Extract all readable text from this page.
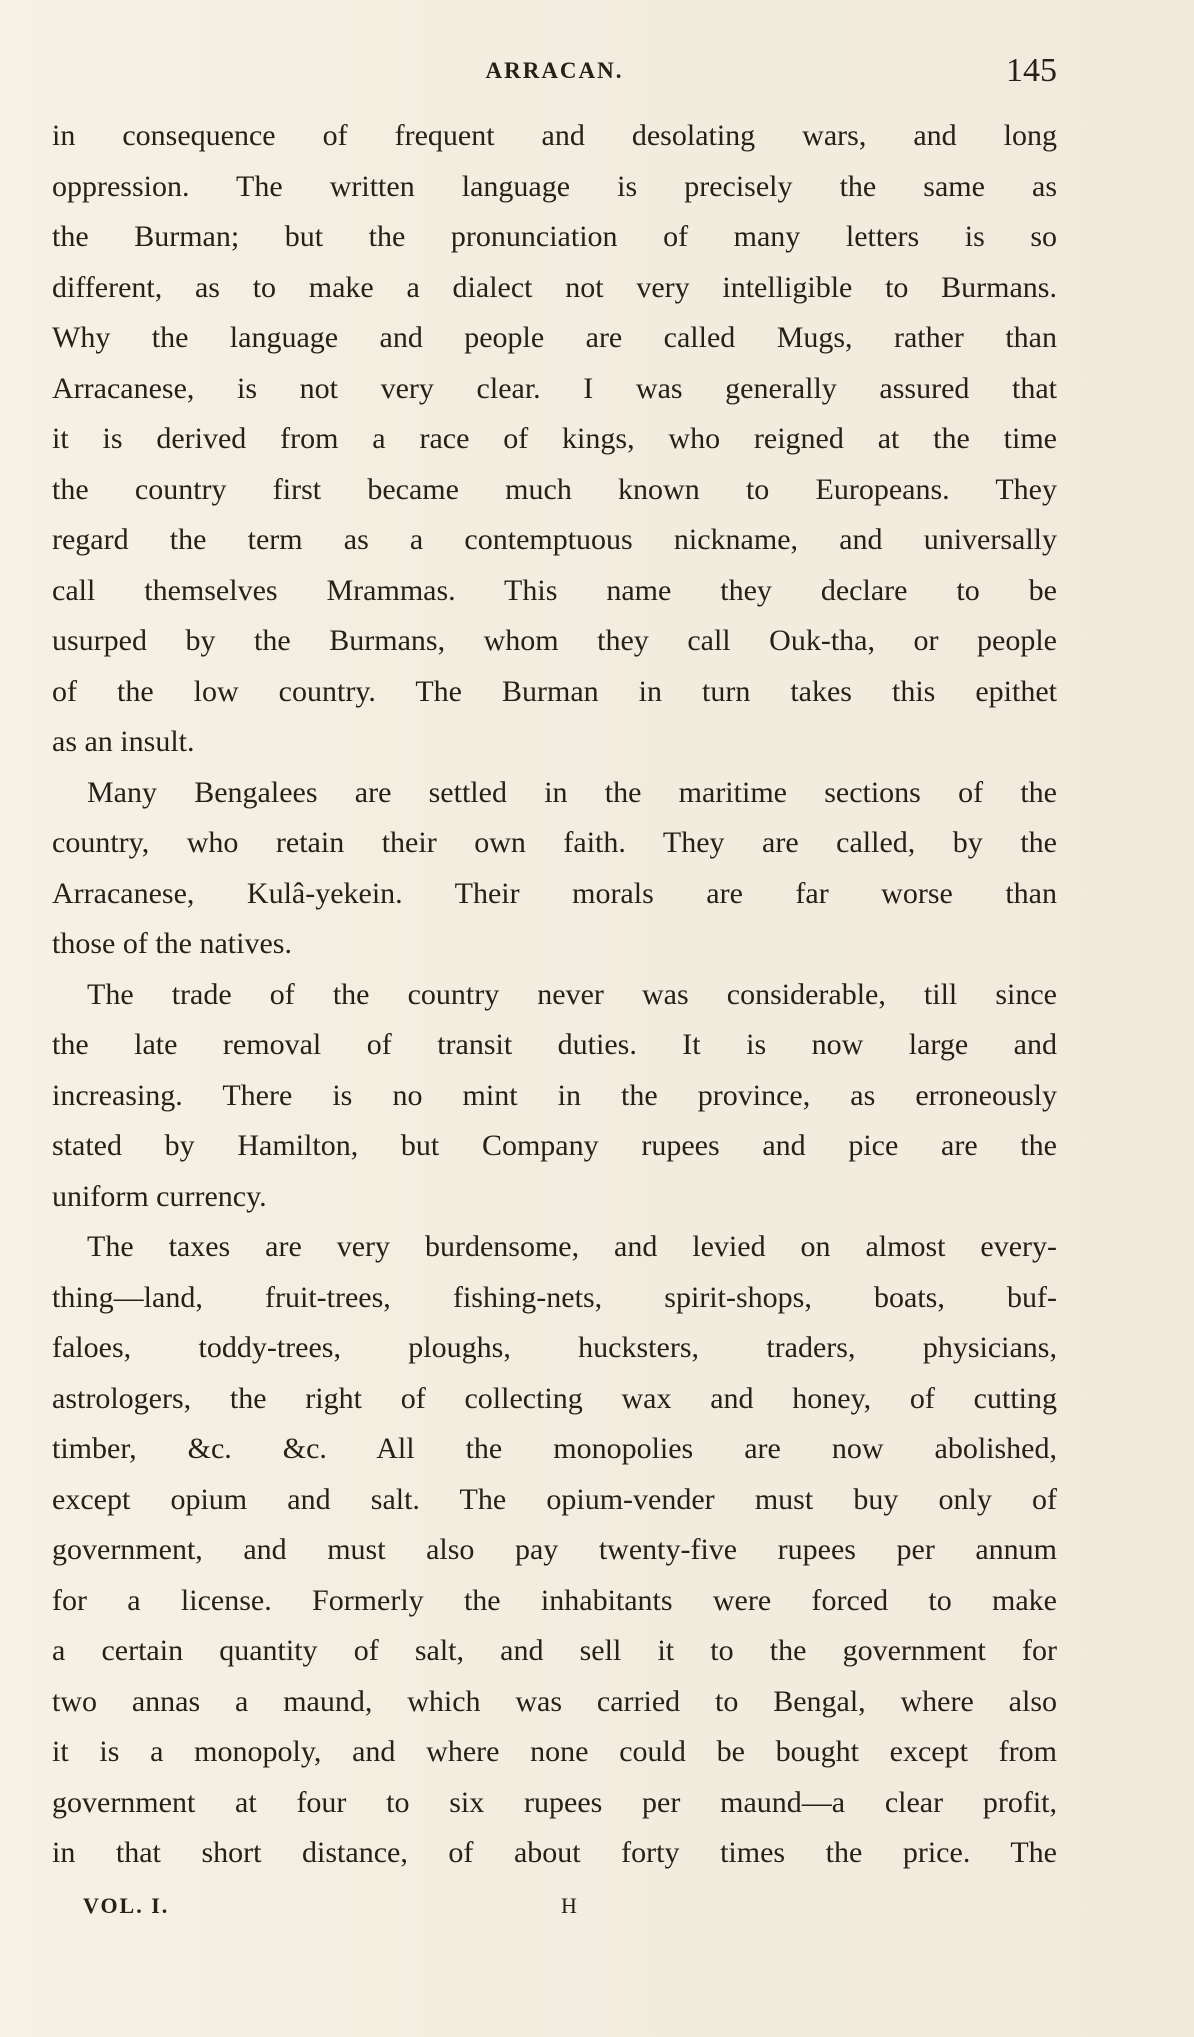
ARRACAN.	145
in consequence of frequent and desolating wars, and long
oppression. The written language is precisely the same as
the Burman; but the pronunciation of many letters is so
different, as to make a dialect not very intelligible to Burmans.
Why the language and people are called Mugs, rather than
Arracanese, is not very clear. I was generally assured that
it is derived from a race of kings, who reigned at the time
the country first became much known to Europeans. They
regard the term as a contemptuous nickname, and universally
call themselves Mrammas. This name they declare to be
usurped by the Burmans, whom they call Ouk-tha, or people
of the low country. The Burman in turn takes this epithet
as an insult.
Many Bengalees are settled in the maritime sections of the
country, who retain their own faith. They are called, by the
Arracanese, Kulâ-yekein. Their morals are far worse than
those of the natives.
The trade of the country never was considerable, till since
the late removal of transit duties. It is now large and
increasing. There is no mint in the province, as erroneously
stated by Hamilton, but Company rupees and pice are the
uniform currency.
The taxes are very burdensome, and levied on almost every-
thing—land, fruit-trees, fishing-nets, spirit-shops, boats, buf-
faloes, toddy-trees, ploughs, hucksters, traders, physicians,
astrologers, the right of collecting wax and honey, of cutting
timber, &c. &c. All the monopolies are now abolished,
except opium and salt. The opium-vender must buy only of
government, and must also pay twenty-five rupees per annum
for a license. Formerly the inhabitants were forced to make
a certain quantity of salt, and sell it to the government for
two annas a maund, which was carried to Bengal, where also
it is a monopoly, and where none could be bought except from
government at four to six rupees per maund—a clear profit,
in that short distance, of about forty times the price. The
VOL. I.	H
